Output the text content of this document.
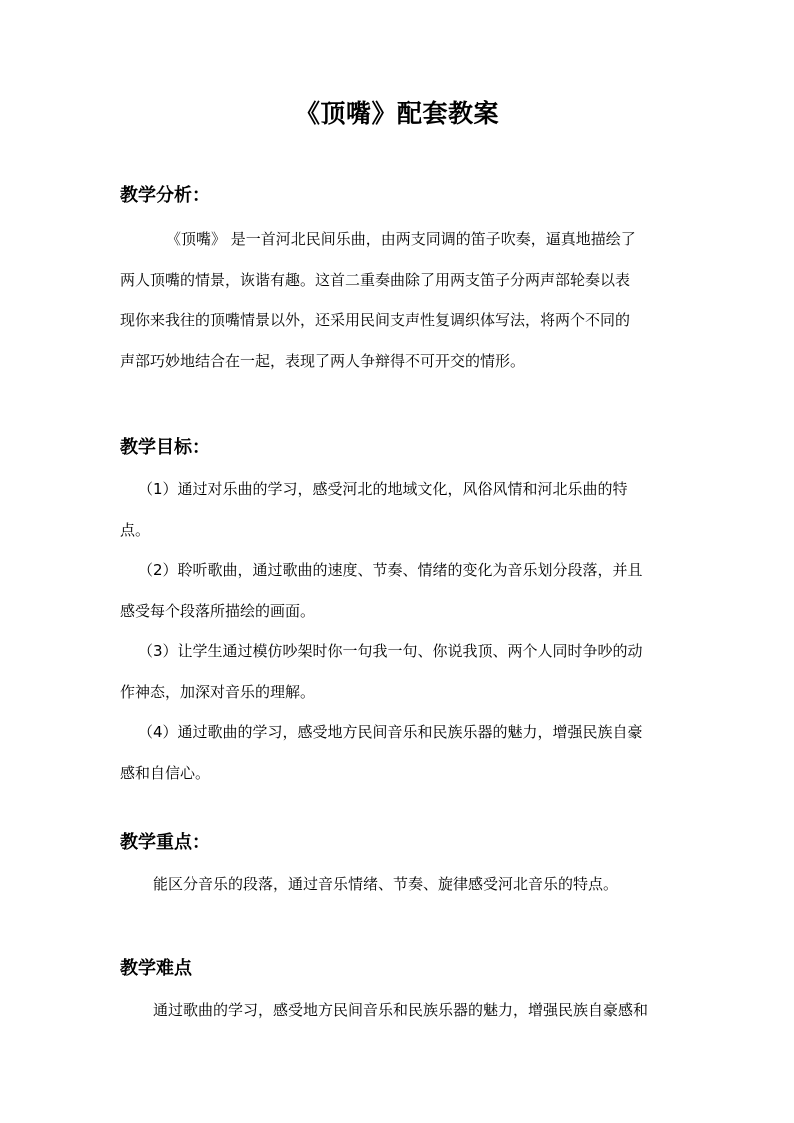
《顶嘴》配套教案
教学分析：
《顶嘴》 是一首河北民间乐曲，由两支同调的笛子吹奏，逼真地描绘了
两人顶嘴的情景，诙谐有趣。这首二重奏曲除了用两支笛子分两声部轮奏以表
现你来我往的顶嘴情景以外，还采用民间支声性复调织体写法，将两个不同的
声部巧妙地结合在一起，表现了两人争辩得不可开交的情形。
教学目标：
（1）通过对乐曲的学习，感受河北的地域文化，风俗风情和河北乐曲的特
点。
（2）聆听歌曲，通过歌曲的速度、节奏、情绪的变化为音乐划分段落，并且
感受每个段落所描绘的画面。
（3）让学生通过模仿吵架时你一句我一句、你说我顶、两个人同时争吵的动
作神态，加深对音乐的理解。
（4）通过歌曲的学习，感受地方民间音乐和民族乐器的魅力，增强民族自豪
感和自信心。
教学重点：
能区分音乐的段落，通过音乐情绪、节奏、旋律感受河北音乐的特点。
教学难点
通过歌曲的学习，感受地方民间音乐和民族乐器的魅力，增强民族自豪感和
